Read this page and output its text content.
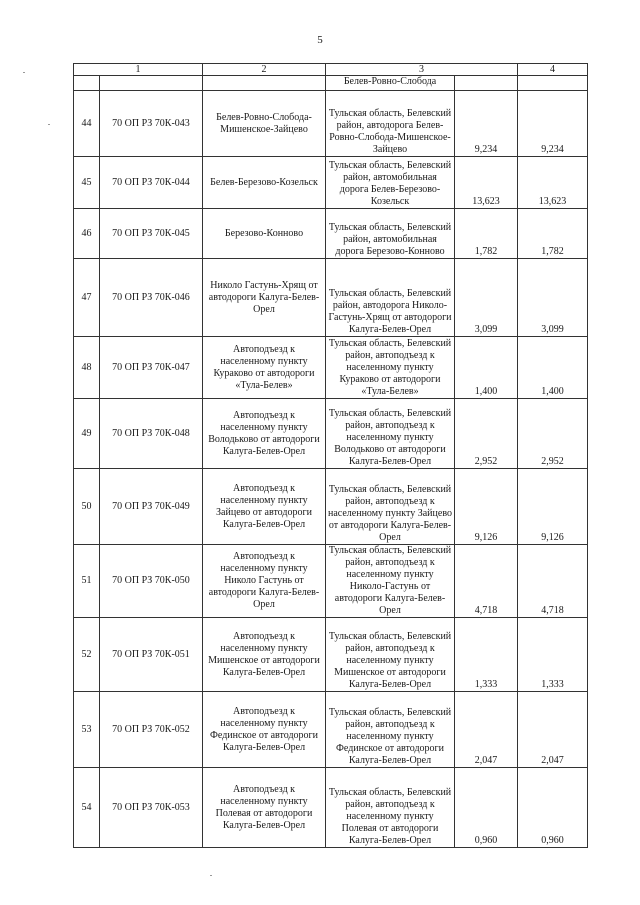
5
1		2	3		4
			Белев-Ровно-Слобода		
44	70 ОП РЗ 70К-043	Белев-Ровно-Слобода-Мишенское-Зайцево	Тульская область, Белевский район, автодорога Белев-Ровно-Слобода-Мишенское-Зайцево	9,234	9,234
45	70 ОП РЗ 70К-044	Белев-Березово-Козельск	Тульская область, Белевский район, автомобильная дорога Белев-Березово-Козельск	13,623	13,623
46	70 ОП РЗ 70К-045	Березово-Конново	Тульская область, Белевский район, автомобильная дорога Березово-Конново	1,782	1,782
47	70 ОП РЗ 70К-046	Николо Гастунь-Хрящ от автодороги Калуга-Белев-Орел	Тульская область, Белевский район, автодорога Николо-Гастунь-Хрящ от автодороги Калуга-Белев-Орел	3,099	3,099
48	70 ОП РЗ 70К-047	Автоподъезд к населенному пункту Кураково от автодороги «Тула-Белев»	Тульская область, Белевский район, автоподъезд к населенному пункту Кураково от автодороги «Тула-Белев»	1,400	1,400
49	70 ОП РЗ 70К-048	Автоподъезд к населенному пункту Володьково от автодороги Калуга-Белев-Орел	Тульская область, Белевский район, автоподъезд к населенному пункту Володьково от автодороги Калуга-Белев-Орел	2,952	2,952
50	70 ОП РЗ 70К-049	Автоподъезд к населенному пункту Зайцево от автодороги Калуга-Белев-Орел	Тульская область, Белевский район, автоподъезд к населенному пункту Зайцево от автодороги Калуга-Белев-Орел	9,126	9,126
51	70 ОП РЗ 70К-050	Автоподъезд к населенному пункту Николо Гастунь от автодороги Калуга-Белев-Орел	Тульская область, Белевский район, автоподъезд к населенному пункту Николо-Гастунь от автодороги Калуга-Белев-Орел	4,718	4,718
52	70 ОП РЗ 70К-051	Автоподъезд к населенному пункту Мишенское от автодороги Калуга-Белев-Орел	Тульская область, Белевский район, автоподъезд к населенному пункту Мишенское от автодороги Калуга-Белев-Орел	1,333	1,333
53	70 ОП РЗ 70К-052	Автоподъезд к населенному пункту Фединское от автодороги Калуга-Белев-Орел	Тульская область, Белевский район, автоподъезд к населенному пункту Фединское от автодороги Калуга-Белев-Орел	2,047	2,047
54	70 ОП РЗ 70К-053	Автоподъезд к населенному пункту Полевая от автодороги Калуга-Белев-Орел	Тульская область, Белевский район, автоподъезд к населенному пункту Полевая от автодороги Калуга-Белев-Орел	0,960	0,960
